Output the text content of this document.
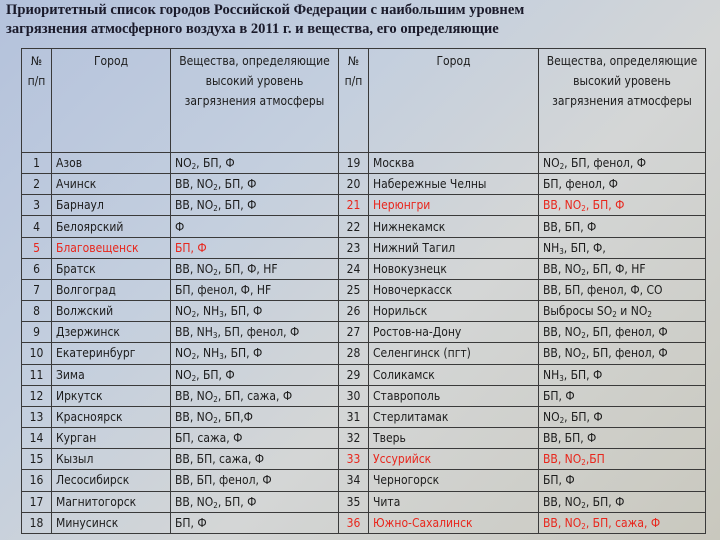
Приоритетный список городов Российской Федерации с наибольшим уровнем
загрязнения атмосферного воздуха в 2011 г. и вещества, его определяющие
№ п/п	Город	Вещества, определяющие высокий уровень загрязнения атмосферы	№ п/п	Город	Вещества, определяющие высокий уровень загрязнения атмосферы
1	Азов	$NO_2$, БП, Ф	19	Москва	$NO_2$, БП, фенол, Ф
2	Ачинск	ВВ, $NO_2$, БП, Ф	20	Набережные Челны	БП, фенол, Ф
3	Барнаул	ВВ, $NO_2$, БП, Ф	21	Нерюнгри	ВВ, $NO_2$, БП, Ф
4	Белоярский	Ф	22	Нижнекамск	ВВ, БП, Ф
5	Благовещенск	БП, Ф	23	Нижний Тагил	$NH_3$, БП, Ф,
6	Братск	ВВ, $NO_2$, БП, Ф, HF	24	Новокузнецк	ВВ, $NO_2$, БП, Ф, HF
7	Волгоград	БП, фенол, Ф, HF	25	Новочеркасск	ВВ, БП, фенол, Ф, CO
8	Волжский	$NO_2$, $NH_3$, БП, Ф	26	Норильск	Выбросы $SO_2$ и $NO_2$
9	Дзержинск	ВВ, $NH_3$, БП, фенол, Ф	27	Ростов-на-Дону	ВВ, $NO_2$, БП, фенол, Ф
10	Екатеринбург	$NO_2$, $NH_3$, БП, Ф	28	Селенгинск (пгт)	ВВ, $NO_2$, БП, фенол, Ф
11	Зима	$NO_2$, БП, Ф	29	Соликамск	$NH_3$, БП, Ф
12	Иркутск	ВВ, $NO_2$, БП, сажа, Ф	30	Ставрополь	БП, Ф
13	Красноярск	ВВ, $NO_2$, БП,Ф	31	Стерлитамак	$NO_2$, БП, Ф
14	Курган	БП, сажа, Ф	32	Тверь	ВВ, БП, Ф
15	Кызыл	ВВ, БП, сажа, Ф	33	Уссурийск	ВВ, $NO_2,БП$
16	Лесосибирск	ВВ, БП, фенол, Ф	34	Черногорск	БП, Ф
17	Магнитогорск	ВВ, $NO_2$, БП, Ф	35	Чита	ВВ, $NO_2$, БП, Ф
18	Минусинск	БП, Ф	36	Южно-Сахалинск	ВВ, $NO_2$, БП, сажа, Ф
